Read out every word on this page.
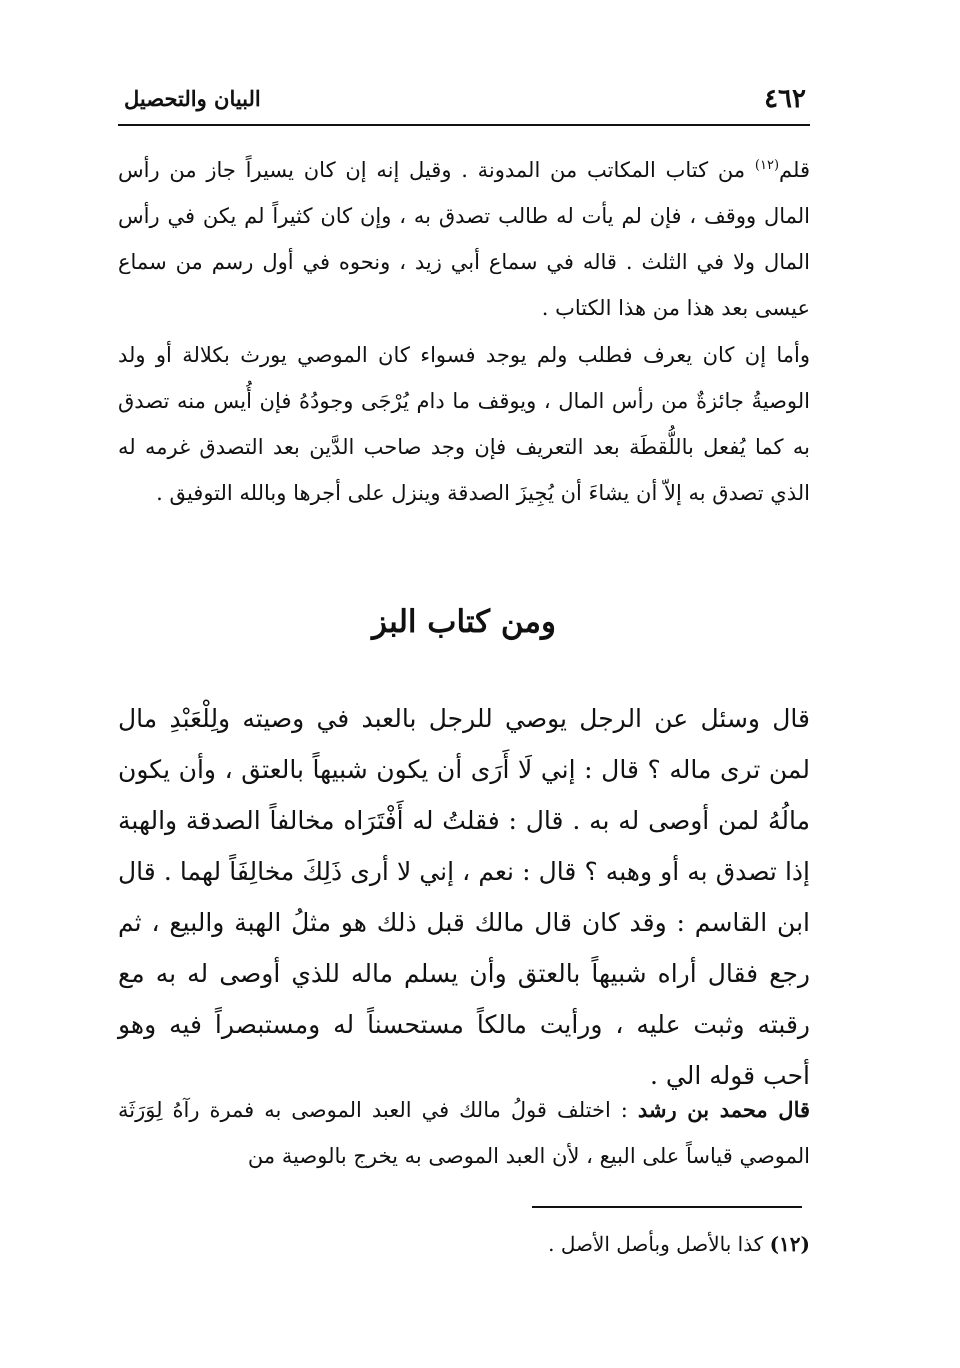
٤٦٢
البيان والتحصيل

قلم$^{(١٢)}$ من كتاب المكاتب من المدونة . وقيل إنه إن كان يسيراً جاز من رأس المال ووقف ، فإن لم يأت له طالب تصدق به ، وإن كان كثيراً لم يكن في رأس المال ولا في الثلث . قاله في سماع أبي زيد ، ونحوه في أول رسم من سماع عيسى بعد هذا من هذا الكتاب .

وأما إن كان يعرف فطلب ولم يوجد فسواء كان الموصي يورث بكلالة أو ولد الوصيةُ جائزةٌ من رأس المال ، ويوقف ما دام يُرْجَى وجودُهُ فإن أُيس منه تصدق به كما يُفعل باللُّقطَة بعد التعريف فإن وجد صاحب الدَّين بعد التصدق غرمه له الذي تصدق به إلاّ أن يشاءَ أن يُجِيزَ الصدقة وينزل على أجرها وبالله التوفيق .

ومن كتاب البز

قال وسئل عن الرجل يوصي للرجل بالعبد في وصيته ولِلْعَبْدِ مال لمن ترى ماله ؟ قال : إني لَا أَرَى أن يكون شبيهاً بالعتق ، وأن يكون مالُهُ لمن أوصى له به . قال : فقلتُ له أَفْتَرَاه مخالفاً الصدقة والهبة إذا تصدق به أو وهبه ؟ قال : نعم ، إني لا أرى ذَلِكَ مخالِفَاً لهما . قال ابن القاسم : وقد كان قال مالك قبل ذلك هو مثلُ الهبة والبيع ، ثم رجع فقال أراه شبيهاً بالعتق وأن يسلم ماله للذي أوصى له به مع رقبته وثبت عليه ، ورأيت مالكاً مستحسناً له ومستبصراً فيه وهو أحب قوله الي .

قال محمد بن رشد : اختلف قولُ مالك في العبد الموصى به فمرة رآهُ لِوَرَثَة الموصي قياساً على البيع ، لأن العبد الموصى به يخرج بالوصية من

(١٢) كذا بالأصل وبأصل الأصل .
